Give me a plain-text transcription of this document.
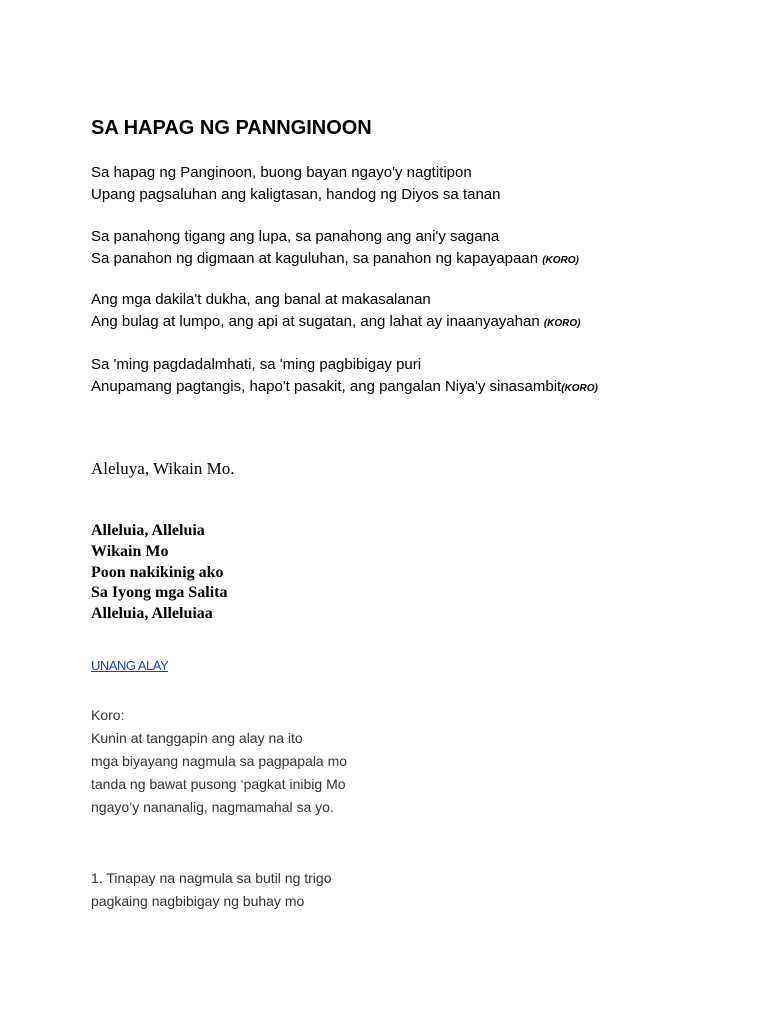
SA HAPAG NG PANNGINOON
Sa hapag ng Panginoon, buong bayan ngayo'y nagtitipon
Upang pagsaluhan ang kaligtasan, handog ng Diyos sa tanan
Sa panahong tigang ang lupa, sa panahong ang ani'y sagana
Sa panahon ng digmaan at kaguluhan, sa panahon ng kapayapaan (KORO)
Ang mga dakila't dukha, ang banal at makasalanan
Ang bulag at lumpo, ang api at sugatan, ang lahat ay inaanyayahan (KORO)
Sa 'ming pagdadalmhati, sa 'ming pagbibigay puri
Anupamang pagtangis, hapo't pasakit, ang pangalan Niya'y sinasambit(KORO)
Aleluya, Wikain Mo.
Alleluia, Alleluia
Wikain Mo
Poon nakikinig ako
Sa Iyong mga Salita
Alleluia, Alleluiaa
UNANG ALAY
Koro:
Kunin at tanggapin ang alay na ito
mga biyayang nagmula sa pagpapala mo
tanda ng bawat pusong ‘pagkat inibig Mo
ngayo’y nananalig, nagmamahal sa yo.
1. Tinapay na nagmula sa butil ng trigo
pagkaing nagbibigay ng buhay mo
